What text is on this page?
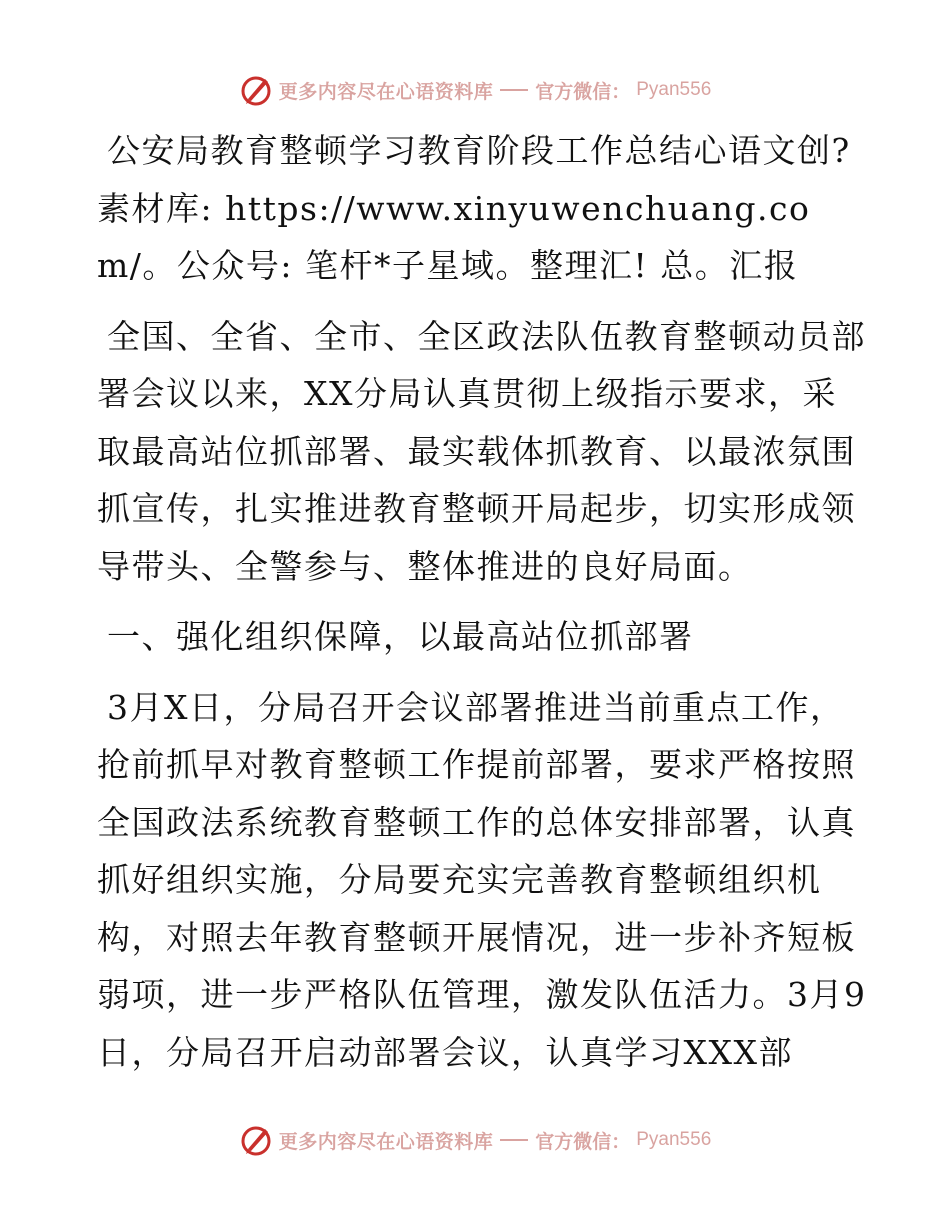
更多内容尽在心语资料库 官方微信： Pyan556

公安局教育整顿学习教育阶段工作总结心语文创?素材库: https://www.xinyuwenchuang.com/。公众号: 笔杆*子星域。整理汇! 总。汇报

全国、全省、全市、全区政法队伍教育整顿动员部署会议以来，XX分局认真贯彻上级指示要求，采取最高站位抓部署、最实载体抓教育、以最浓氛围抓宣传，扎实推进教育整顿开局起步，切实形成领导带头、全警参与、整体推进的良好局面。

一、强化组织保障，以最高站位抓部署

3月X日，分局召开会议部署推进当前重点工作，抢前抓早对教育整顿工作提前部署，要求严格按照全国政法系统教育整顿工作的总体安排部署，认真抓好组织实施，分局要充实完善教育整顿组织机构，对照去年教育整顿开展情况，进一步补齐短板弱项，进一步严格队伍管理，激发队伍活力。3月9日，分局召开启动部署会议，认真学习XXX部

更多内容尽在心语资料库 官方微信： Pyan556
